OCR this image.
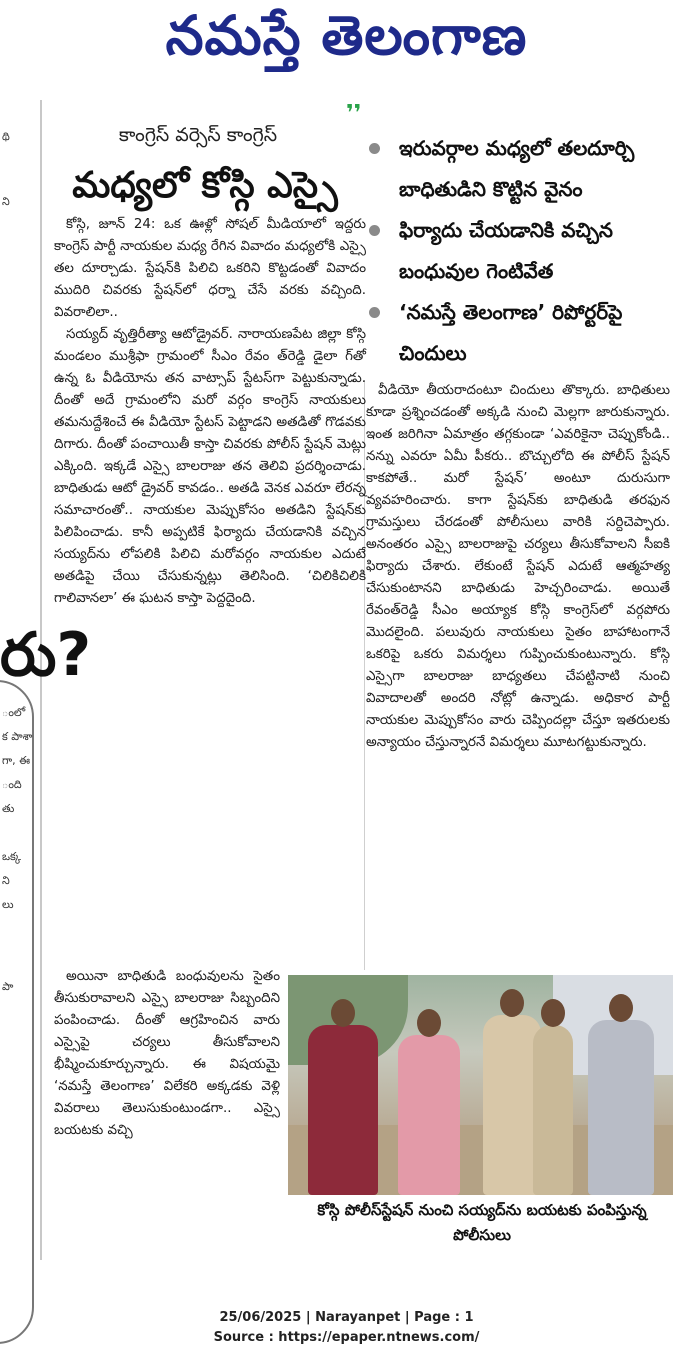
నమస్తే తెలంగాణ
థి
ని
రు?
ంలో
క పాశా
గా, ఈ
ంది
తు
ఒక్క
ని
లు
పా
కాంగ్రెస్ వర్సెస్ కాంగ్రెస్
మధ్యలో కోస్గి ఎస్సై

కోస్గి, జూన్ 24: ఒక ఊళ్లో సోషల్ మీడియాలో ఇద్దరు కాంగ్రెస్ పార్టీ నాయకుల మధ్య రేగిన వివాదం మధ్యలోకి ఎస్సై తల దూర్చాడు. స్టేషన్‌కి పిలిచి ఒకరిని కొట్టడంతో వివాదం ముదిరి చివరకు స్టేషన్‌లో ధర్నా చేసే వరకు వచ్చింది. వివరాలిలా..

సయ్యద్ వృత్తిరీత్యా ఆటోడ్రైవర్. నారాయణపేట జిల్లా కోస్గి మండలం ముశ్రీఫా గ్రామంలో సీఎం రేవం త్‌రెడ్డి డైలా గ్‌తో ఉన్న ఓ వీడియోను తన వాట్సాప్ స్టేటస్‌గా పెట్టుకున్నాడు. దీంతో అదే గ్రామంలోని మరో వర్గం కాంగ్రెస్ నాయకులు తమనుద్దేశించే ఈ వీడియో స్టేటస్ పెట్టాడని అతడితో గొడవకు దిగారు. దీంతో పంచాయితీ కాస్తా చివరకు పోలీస్ స్టేషన్ మెట్లు ఎక్కింది. ఇక్కడే ఎస్సై బాలరాజు తన తెలివి ప్రదర్శించాడు. బాధితుడు ఆటో డ్రైవర్ కావడం.. అతడి వెనక ఎవరూ లేరన్న సమాచారంతో.. నాయకుల మెప్పుకోసం అతడిని స్టేషన్‌కు పిలిపించాడు. కానీ అప్పటికే ఫిర్యాదు చేయడానికి వచ్చిన సయ్యద్‌ను లోపలికి పిలిచి మరోవర్గం నాయకుల ఎదుటే అతడిపై చేయి చేసుకున్నట్లు తెలిసింది. ‘చిలికిచిలికి గాలివానలా’ ఈ ఘటన కాస్తా పెద్దదైంది.

అయినా బాధితుడి బంధువులను సైతం తీసుకురావాలని ఎస్సై బాలరాజు సిబ్బందిని పంపించాడు. దీంతో ఆగ్రహించిన వారు ఎస్సైపై చర్యలు తీసుకోవాలని భీష్మించుకూర్చున్నారు. ఈ విషయమై ‘నమస్తే తెలంగాణ’ విలేకరి అక్కడకు వెళ్లి వివరాలు తెలుసుకుంటుండగా.. ఎస్సై బయటకు వచ్చి

❜❜
ఇరువర్గాల మధ్యలో తలదూర్చి బాధితుడిని కొట్టిన వైనం
ఫిర్యాదు చేయడానికి వచ్చిన బంధువుల గెంటివేత
‘నమస్తే తెలంగాణ’ రిపోర్టర్‌పై చిందులు

వీడియో తీయరాదంటూ చిందులు తొక్కారు. బాధితులు కూడా ప్రశ్నించడంతో అక్కడి నుంచి మెల్లగా జారుకున్నారు. ఇంత జరిగినా ఏమాత్రం తగ్గకుండా ‘ఎవరికైనా చెప్పుకోండి.. నన్ను ఎవరూ ఏమీ పీకరు.. బొచ్చులోది ఈ పోలీస్ స్టేషన్ కాకపోతే.. మరో స్టేషన్’ అంటూ దురుసుగా వ్యవహరించారు. కాగా స్టేషన్‌కు బాధితుడి తరఫున గ్రామస్తులు చేరడంతో పోలీసులు వారికి సర్దిచెప్పారు. అనంతరం ఎస్సై బాలరాజుపై చర్యలు తీసుకోవాలని సీఐకి ఫిర్యాదు చేశారు. లేకుంటే స్టేషన్ ఎదుటే ఆత్మహత్య చేసుకుంటానని బాధితుడు హెచ్చరించాడు. అయితే రేవంత్‌రెడ్డి సీఎం అయ్యాక కోస్గి కాంగ్రెస్‌లో వర్గపోరు మొదలైంది. పలువురు నాయకులు సైతం బాహాటంగానే ఒకరిపై ఒకరు విమర్శలు గుప్పించుకుంటున్నారు. కోస్గి ఎస్సైగా బాలరాజు బాధ్యతలు చేపట్టినాటి నుంచి వివాదాలతో అందరి నోట్లో ఉన్నాడు. అధికార పార్టీ నాయకుల మెప్పుకోసం వారు చెప్పిందల్లా చేస్తూ ఇతరులకు అన్యాయం చేస్తున్నారనే విమర్శలు మూటగట్టుకున్నారు.

కోస్గి పోలీస్‌స్టేషన్ నుంచి సయ్యద్‌ను బయటకు పంపిస్తున్న పోలీసులు
25/06/2025 | Narayanpet | Page : 1
Source : https://epaper.ntnews.com/
